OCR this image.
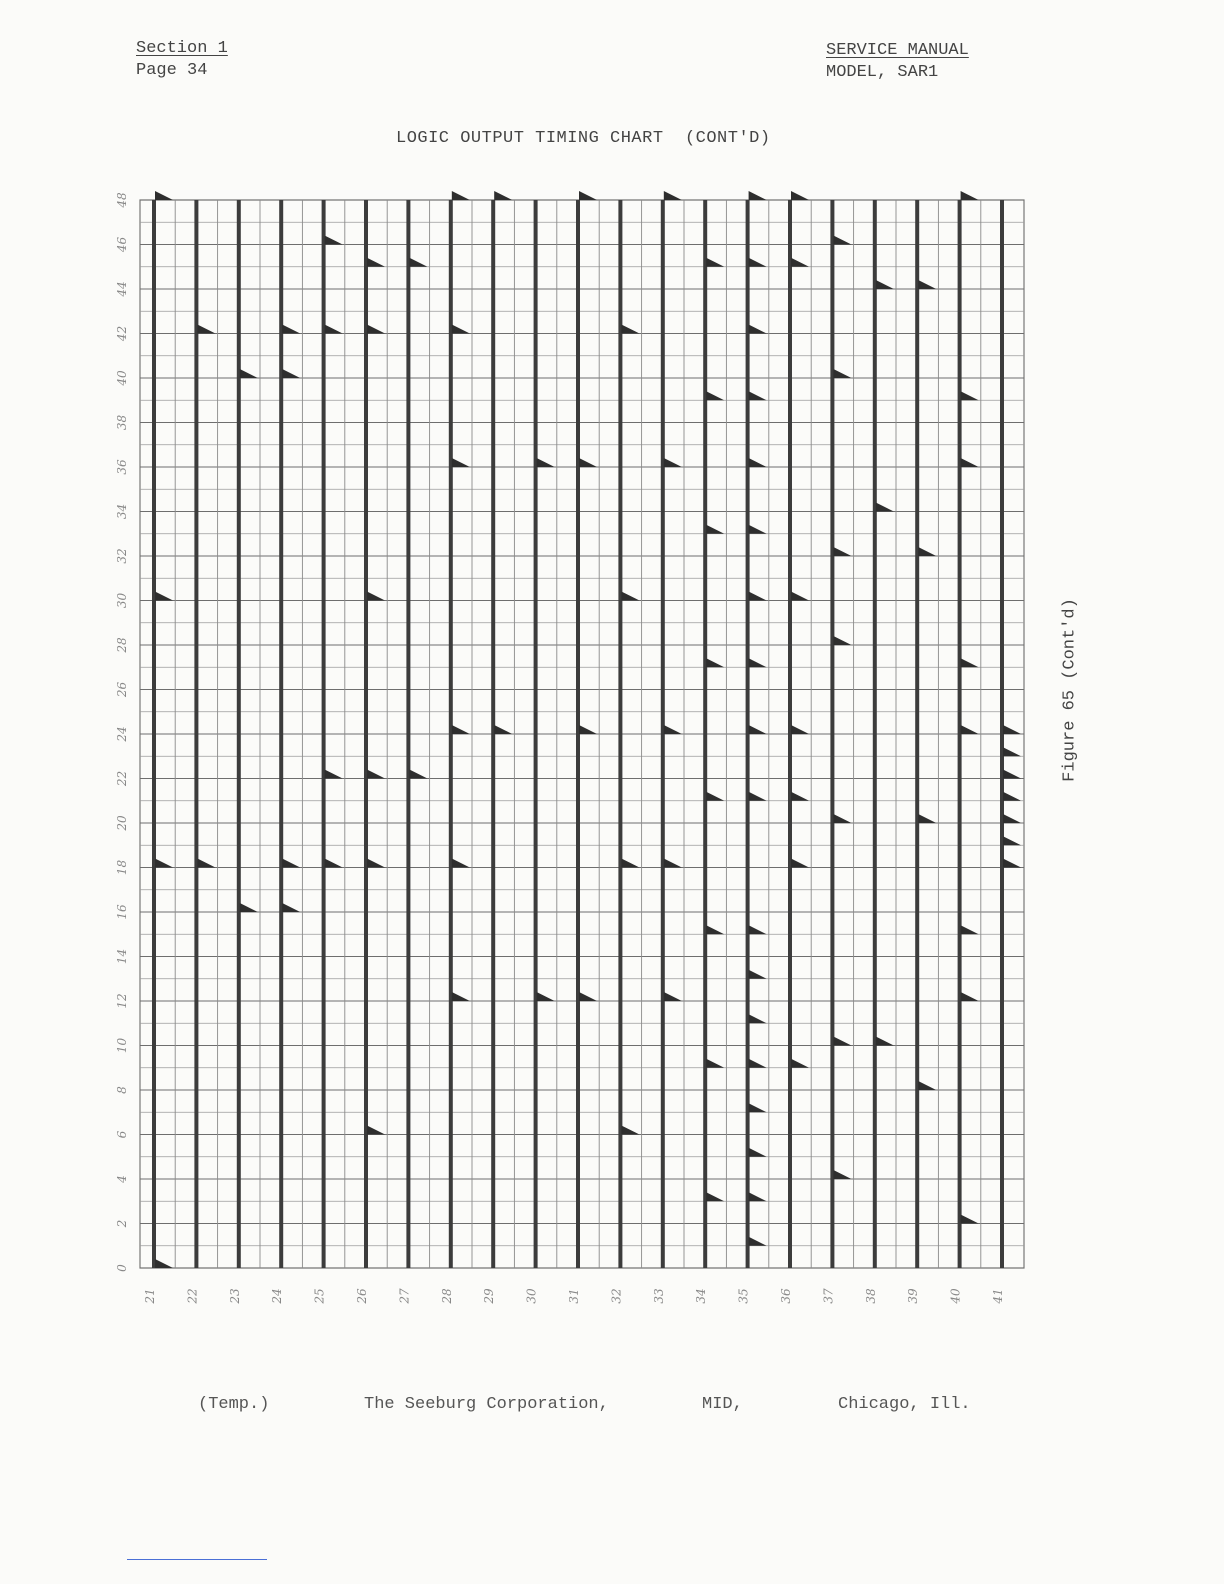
Section 1
Page 34
SERVICE MANUAL
MODEL, SAR1
LOGIC OUTPUT TIMING CHART  (CONT'D)
0
2
4
6
8
10
12
14
16
18
20
22
24
26
28
30
32
34
36
38
40
42
44
46
48
21 22 23 24 25 26 27 28 29 30 31 32 33 34 35 36 37 38 39 40 41
Figure 65 (Cont'd)
(Temp.)	The Seeburg Corporation,	MID,	Chicago, Ill.
